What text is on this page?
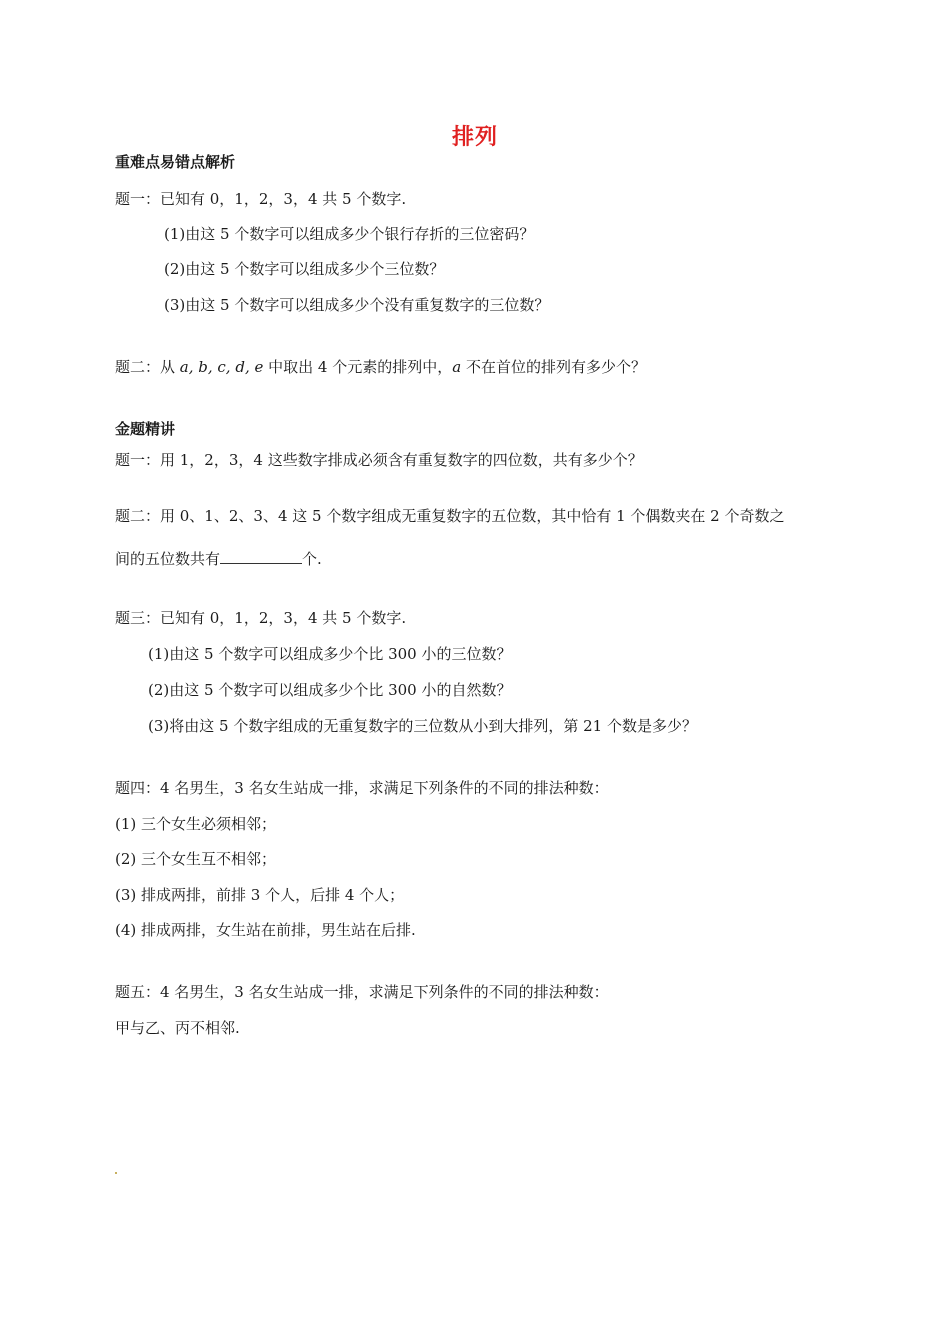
排列
重难点易错点解析
题一：已知有 0，1，2，3，4 共 5 个数字.
(1)由这 5 个数字可以组成多少个银行存折的三位密码？
(2)由这 5 个数字可以组成多少个三位数？
(3)由这 5 个数字可以组成多少个没有重复数字的三位数？
题二：从 a, b, c, d, e 中取出 4 个元素的排列中，a 不在首位的排列有多少个？
金题精讲
题一：用 1，2，3，4 这些数字排成必须含有重复数字的四位数，共有多少个？
题二：用 0、1、2、3、4 这 5 个数字组成无重复数字的五位数，其中恰有 1 个偶数夹在 2 个奇数之
间的五位数共有	个.
题三：已知有 0，1，2，3，4 共 5 个数字.
(1)由这 5 个数字可以组成多少个比 300 小的三位数？
(2)由这 5 个数字可以组成多少个比 300 小的自然数？
(3)将由这 5 个数字组成的无重复数字的三位数从小到大排列，第 21 个数是多少？
题四：4 名男生，3 名女生站成一排，求满足下列条件的不同的排法种数：
(1) 三个女生必须相邻；
(2) 三个女生互不相邻；
(3) 排成两排，前排 3 个人，后排 4 个人；
(4) 排成两排，女生站在前排，男生站在后排.
题五：4 名男生，3 名女生站成一排，求满足下列条件的不同的排法种数：
甲与乙、丙不相邻.
